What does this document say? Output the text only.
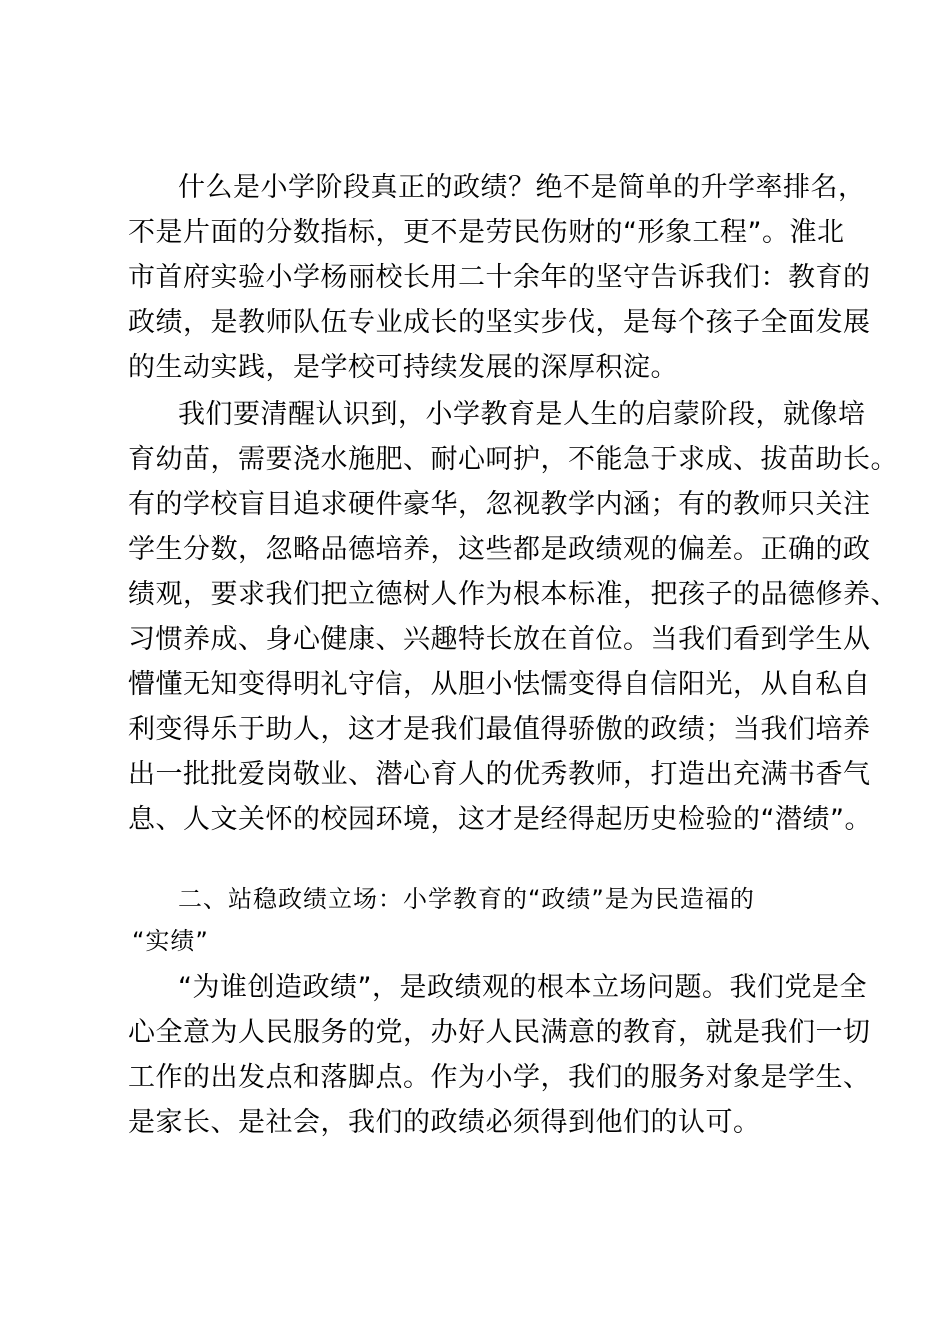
什么是小学阶段真正的政绩？绝不是简单的升学率排名，
不是片面的分数指标，更不是劳民伤财的“形象工程”。淮北
市首府实验小学杨丽校长用二十余年的坚守告诉我们：教育的
政绩，是教师队伍专业成长的坚实步伐，是每个孩子全面发展
的生动实践，是学校可持续发展的深厚积淀。
我们要清醒认识到，小学教育是人生的启蒙阶段，就像培
育幼苗，需要浇水施肥、耐心呵护，不能急于求成、拔苗助长。
有的学校盲目追求硬件豪华，忽视教学内涵；有的教师只关注
学生分数，忽略品德培养，这些都是政绩观的偏差。正确的政
绩观，要求我们把立德树人作为根本标准，把孩子的品德修养、
习惯养成、身心健康、兴趣特长放在首位。当我们看到学生从
懵懂无知变得明礼守信，从胆小怯懦变得自信阳光，从自私自
利变得乐于助人，这才是我们最值得骄傲的政绩；当我们培养
出一批批爱岗敬业、潜心育人的优秀教师，打造出充满书香气
息、人文关怀的校园环境，这才是经得起历史检验的“潜绩”。
二、站稳政绩立场：小学教育的“政绩”是为民造福的
“实绩”
“为谁创造政绩”，是政绩观的根本立场问题。我们党是全
心全意为人民服务的党，办好人民满意的教育，就是我们一切
工作的出发点和落脚点。作为小学，我们的服务对象是学生、
是家长、是社会，我们的政绩必须得到他们的认可。
